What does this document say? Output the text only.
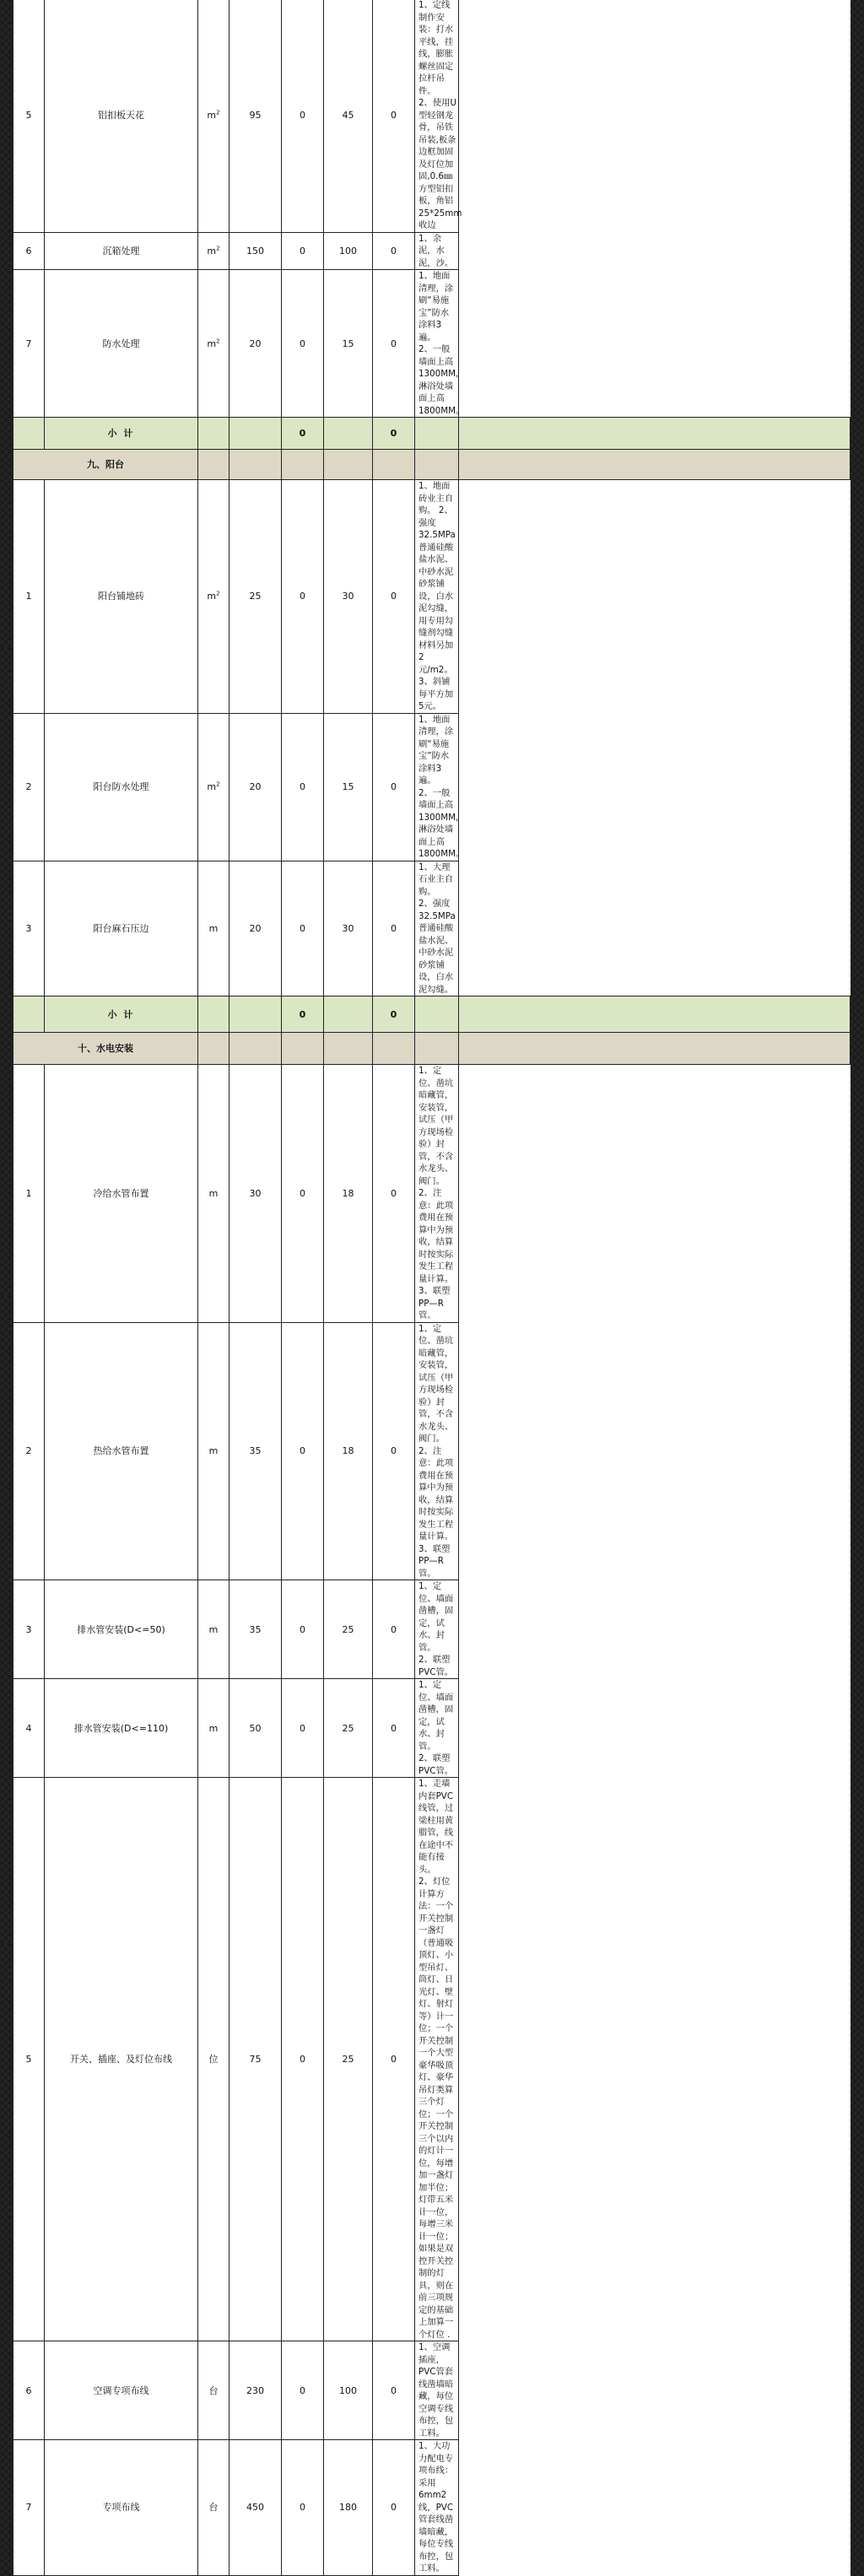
5	铝扣板天花	$m^2$	95	0	45	0	1、定线制作安装：打水平线，挂线，膨胀螺丝固定拉杆吊件。
2、使用U型轻钢龙骨，吊铁吊装,板条边框加固及灯位加固,0.6㎜方型铝扣板，角铝25*25mm收边	

6	沉箱处理	$m^2$	150	0	100	0	1、余泥，水泥，沙。	

7	防水处理	$m^2$	20	0	15	0	1、地面清理，涂刷“易施宝”防水涂料3遍。
2、一般墙面上高1300MM，淋浴处墙面上高1800MM。	

	小 计			0		0		
九、阳台								
1	阳台铺地砖	$m^2$	25	0	30	0	1、地面砖业主自购。 2、强度32.5MPa普通硅酸盐水泥、中砂水泥砂浆铺设，白水泥勾缝，用专用勾缝剂勾缝材料另加2元/m2。
3、斜铺每平方加5元。	

2	阳台防水处理	$m^2$	20	0	15	0	1、地面清理，涂刷“易施宝”防水涂料3遍。
2、一般墙面上高1300MM，淋浴处墙面上高1800MM。	

3	阳台麻石压边	m	20	0	30	0	1、大理石业主自购。
2、强度32.5MPa普通硅酸盐水泥、中砂水泥砂浆铺设，白水泥勾缝。	

	小 计			0		0		
十、水电安装								
1	冷给水管布置	m	30	0	18	0	1、定位、凿坑暗藏管，安装管，试压（甲方现场检验）封管，不含水龙头、阀门。
2、注意：此项费用在预算中为预收，结算时按实际发生工程量计算。
3、联塑PP—R管。	

2	热给水管布置	m	35	0	18	0	1、定位、凿坑暗藏管，安装管，试压（甲方现场检验）封管，不含水龙头、阀门。
2、注意：此项费用在预算中为预收，结算时按实际发生工程量计算。
3、联塑PP—R管。	

3	排水管安装(D<=50)	m	35	0	25	0	1、定位、墙面凿槽，固定，试水、封管。
2、联塑PVC管。	

4	排水管安装(D<=110)	m	50	0	25	0	1、定位、墙面凿槽，固定，试水、封管。
2、联塑PVC管。	

5	开关、插座、及灯位布线	位	75	0	25	0	1、走墙内套PVC线管，过梁柱用黄腊管，线在途中不能有接头。
2、灯位计算方法：一个开关控制一盏灯（普通吸顶灯、小型吊灯、筒灯、日光灯、壁灯、射灯等）计一位；一个开关控制一个大型豪华吸顶灯、豪华吊灯类算三个灯位；一个开关控制三个以内的灯计一位，每增加一盏灯加半位；灯带五米计一位，每增三米计一位；如果是双控开关控制的灯具，则在前三项规定的基础上加算一个灯位 .	

6	空调专项布线	台	230	0	100	0	1、空调插座，PVC管套线凿墙暗藏，每位空调专线布控，包工料。	

7	专项布线	台	450	0	180	0	1、大功力配电专项布线：采用6mm2线，PVC管套线凿墙暗藏，每位专线布控，包工料。	
